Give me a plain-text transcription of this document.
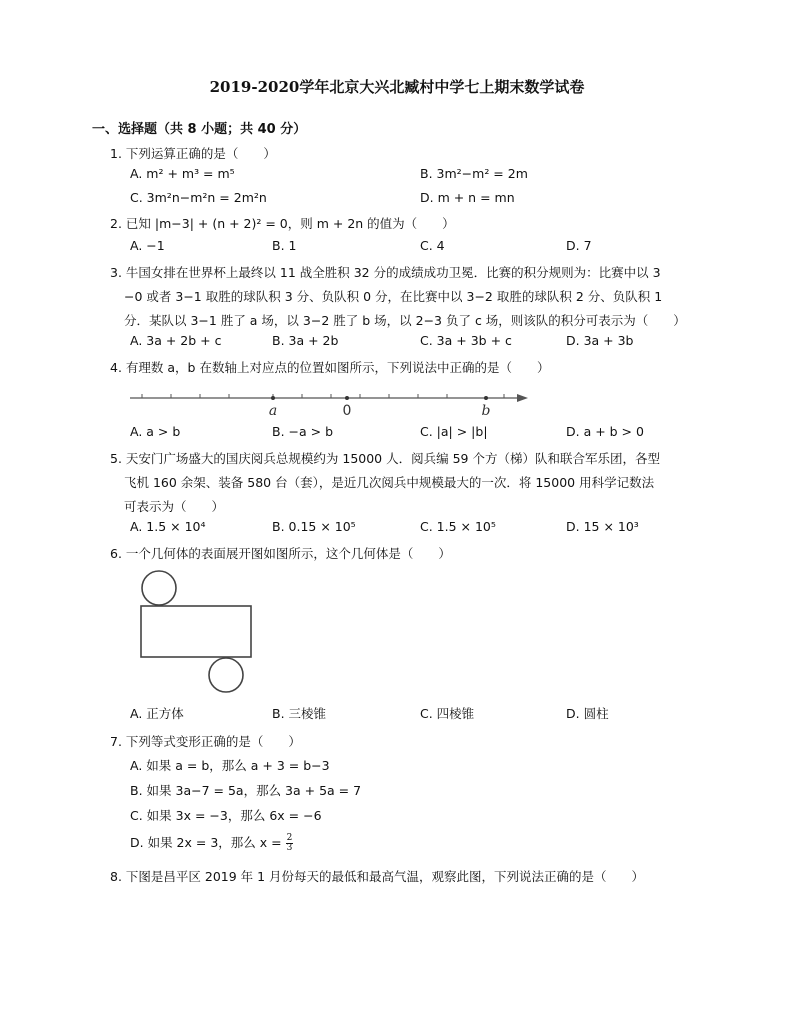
2019-2020学年北京大兴北臧村中学七上期末数学试卷
一、选择题（共 8 小题；共 40 分）
1. 下列运算正确的是（　　）
A. m² + m³ = m⁵	B. 3m²−m² = 2m
C. 3m²n−m²n = 2m²n	D. m + n = mn
2. 已知 |m−3| + (n + 2)² = 0，则 m + 2n 的值为（　　）
A. −1	B. 1	C. 4	D. 7
3. 牛国女排在世界杯上最终以 11 战全胜积 32 分的成绩成功卫冕．比赛的积分规则为：比赛中以 3
−0 或者 3−1 取胜的球队积 3 分、负队积 0 分，在比赛中以 3−2 取胜的球队积 2 分、负队积 1
分．某队以 3−1 胜了 a 场，以 3−2 胜了 b 场，以 2−3 负了 c 场，则该队的积分可表示为（　　）
A. 3a + 2b + c	B. 3a + 2b	C. 3a + 3b + c	D. 3a + 3b
4. 有理数 a，b 在数轴上对应点的位置如图所示，下列说法中正确的是（　　）
a	0	b
A. a > b	B. −a > b	C. |a| > |b|	D. a + b > 0
5. 天安门广场盛大的国庆阅兵总规模约为 15000 人．阅兵编 59 个方（梯）队和联合军乐团，各型
飞机 160 余架、装备 580 台（套），是近几次阅兵中规模最大的一次．将 15000 用科学记数法
可表示为（　　）
A. 1.5 × 10⁴	B. 0.15 × 10⁵	C. 1.5 × 10⁵	D. 15 × 10³
6. 一个几何体的表面展开图如图所示，这个几何体是（　　）
A. 正方体	B. 三棱锥	C. 四棱锥	D. 圆柱
7. 下列等式变形正确的是（　　）
A. 如果 a = b，那么 a + 3 = b−3
B. 如果 3a−7 = 5a，那么 3a + 5a = 7
C. 如果 3x = −3，那么 6x = −6
D. 如果 2x = 3，那么 $x = \frac{2}{3}$
8. 下图是昌平区 2019 年 1 月份每天的最低和最高气温，观察此图，下列说法正确的是（　　）
